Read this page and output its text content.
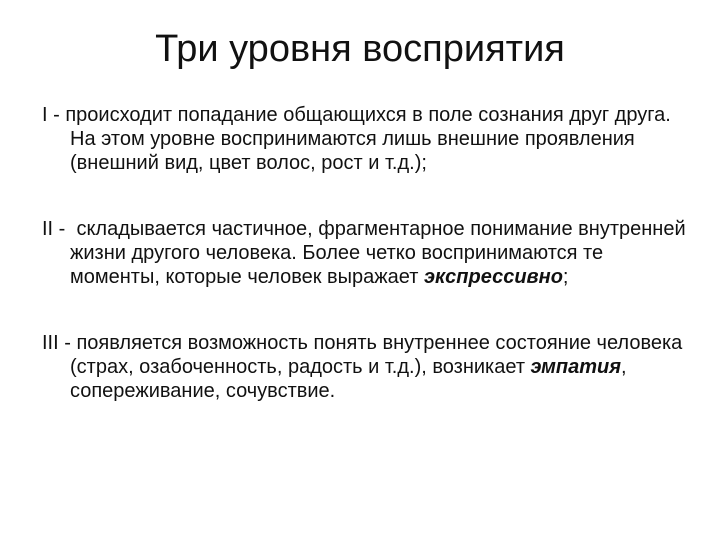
Три уровня восприятия
I - происходит попадание общающихся в поле сознания друг друга. На этом уровне воспринимаются лишь внешние проявления (внешний вид, цвет волос, рост и т.д.);
II -  складывается частичное, фрагментарное понимание внутренней жизни другого человека. Более четко воспринимаются те моменты, которые человек выражает экспрессивно;
III - появляется возможность понять внутреннее состояние человека (страх, озабоченность, радость и т.д.), возникает эмпатия, сопереживание, сочувствие.
